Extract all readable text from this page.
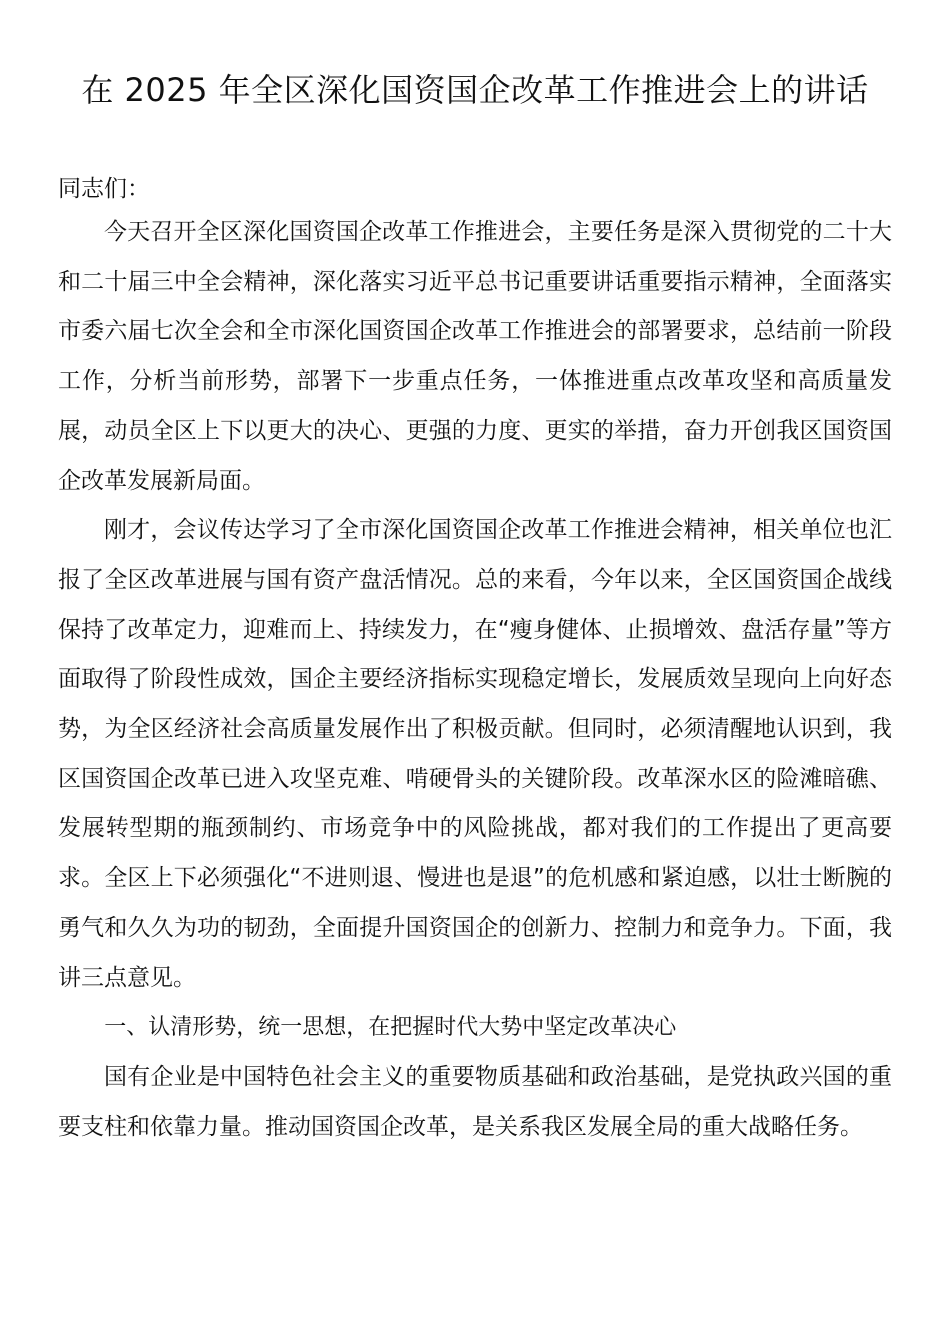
在 2025 年全区深化国资国企改革工作推进会上的讲话

同志们：

今天召开全区深化国资国企改革工作推进会，主要任务是深入贯彻党的二十大和二十届三中全会精神，深化落实习近平总书记重要讲话重要指示精神，全面落实市委六届七次全会和全市深化国资国企改革工作推进会的部署要求，总结前一阶段工作，分析当前形势，部署下一步重点任务，一体推进重点改革攻坚和高质量发展，动员全区上下以更大的决心、更强的力度、更实的举措，奋力开创我区国资国企改革发展新局面。

刚才，会议传达学习了全市深化国资国企改革工作推进会精神，相关单位也汇报了全区改革进展与国有资产盘活情况。总的来看，今年以来，全区国资国企战线保持了改革定力，迎难而上、持续发力，在“瘦身健体、止损增效、盘活存量”等方面取得了阶段性成效，国企主要经济指标实现稳定增长，发展质效呈现向上向好态势，为全区经济社会高质量发展作出了积极贡献。但同时，必须清醒地认识到，我区国资国企改革已进入攻坚克难、啃硬骨头的关键阶段。改革深水区的险滩暗礁、发展转型期的瓶颈制约、市场竞争中的风险挑战，都对我们的工作提出了更高要求。全区上下必须强化“不进则退、慢进也是退”的危机感和紧迫感，以壮士断腕的勇气和久久为功的韧劲，全面提升国资国企的创新力、控制力和竞争力。下面，我讲三点意见。

一、认清形势，统一思想，在把握时代大势中坚定改革决心

国有企业是中国特色社会主义的重要物质基础和政治基础，是党执政兴国的重要支柱和依靠力量。推动国资国企改革，是关系我区发展全局的重大战略任务。
